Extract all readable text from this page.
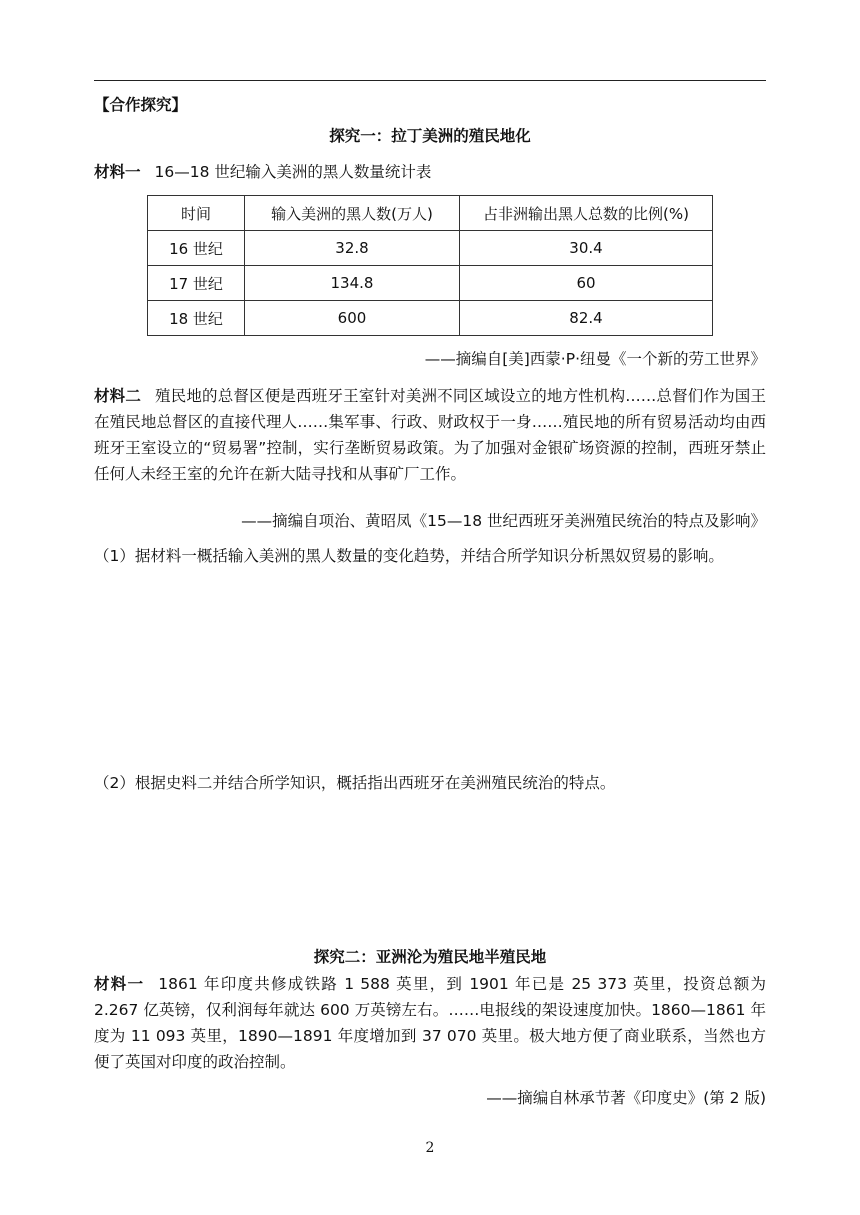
【合作探究】
探究一：拉丁美洲的殖民地化
材料一 16—18 世纪输入美洲的黑人数量统计表
时间	输入美洲的黑人数(万人)	占非洲输出黑人总数的比例(%)
16 世纪	32.8	30.4
17 世纪	134.8	60
18 世纪	600	82.4
——摘编自[美]西蒙·P·纽曼《一个新的劳工世界》
材料二 殖民地的总督区便是西班牙王室针对美洲不同区域设立的地方性机构……总督们作为国王在殖民地总督区的直接代理人……集军事、行政、财政权于一身……殖民地的所有贸易活动均由西班牙王室设立的“贸易署”控制，实行垄断贸易政策。为了加强对金银矿场资源的控制，西班牙禁止任何人未经王室的允许在新大陆寻找和从事矿厂工作。
——摘编自项治、黄昭凤《15—18 世纪西班牙美洲殖民统治的特点及影响》
（1）据材料一概括输入美洲的黑人数量的变化趋势，并结合所学知识分析黑奴贸易的影响。
（2）根据史料二并结合所学知识，概括指出西班牙在美洲殖民统治的特点。
探究二：亚洲沦为殖民地半殖民地
材料一 1861 年印度共修成铁路 1 588 英里，到 1901 年已是 25 373 英里，投资总额为 2.267 亿英镑，仅利润每年就达 600 万英镑左右。……电报线的架设速度加快。1860—1861 年度为 11 093 英里，1890—1891 年度增加到 37 070 英里。极大地方便了商业联系，当然也方便了英国对印度的政治控制。
——摘编自林承节著《印度史》(第 2 版)
2
